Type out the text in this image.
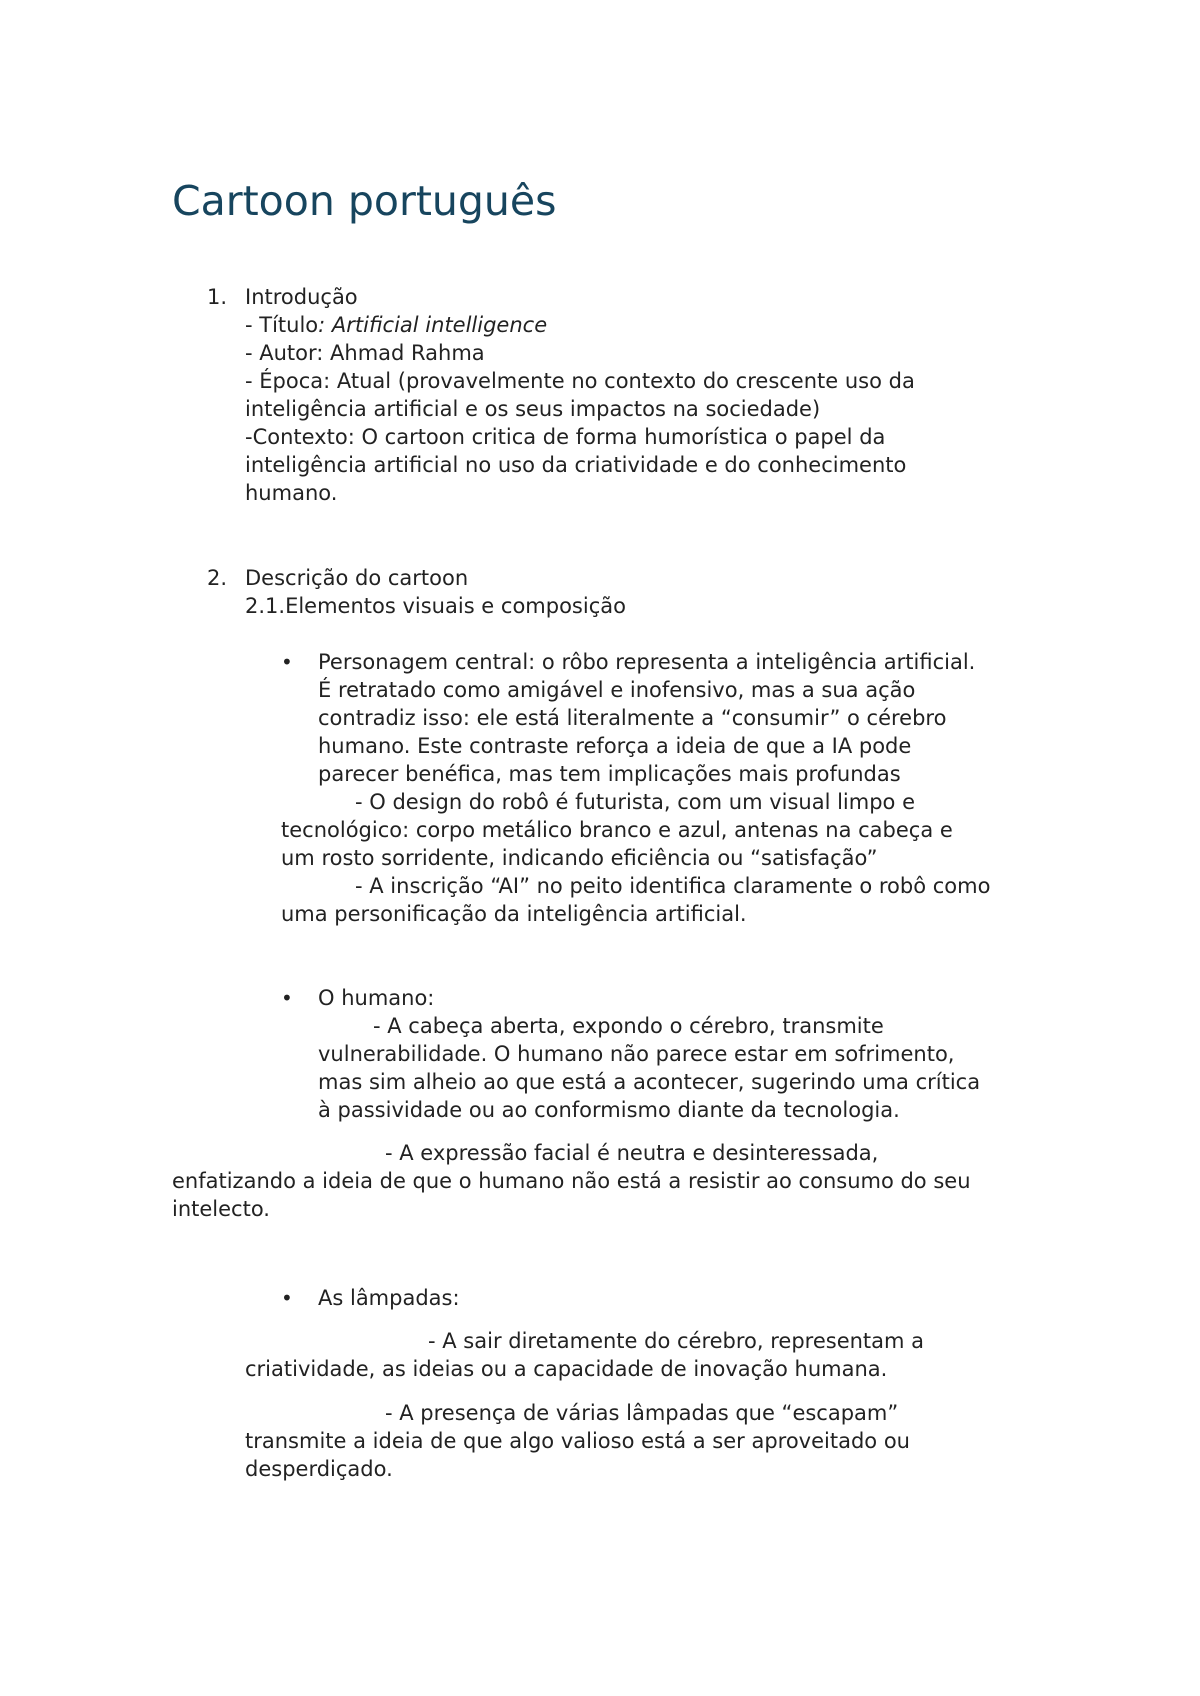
Cartoon português
1. Introdução

- Título: Artificial intelligence

- Autor: Ahmad Rahma

- Época: Atual (provavelmente no contexto do crescente uso da

inteligência artificial e os seus impactos na sociedade)

-Contexto: O cartoon critica de forma humorística o papel da

inteligência artificial no uso da criatividade e do conhecimento

humano.

2. Descrição do cartoon

2.1.Elementos visuais e composição

• Personagem central: o rôbo representa a inteligência artificial.

É retratado como amigável e inofensivo, mas a sua ação

contradiz isso: ele está literalmente a “consumir” o cérebro

humano. Este contraste reforça a ideia de que a IA pode

parecer benéfica, mas tem implicações mais profundas

- O design do robô é futurista, com um visual limpo e

tecnológico: corpo metálico branco e azul, antenas na cabeça e

um rosto sorridente, indicando eficiência ou “satisfação”

- A inscrição “AI” no peito identifica claramente o robô como

uma personificação da inteligência artificial.

• O humano:

- A cabeça aberta, expondo o cérebro, transmite

vulnerabilidade. O humano não parece estar em sofrimento,

mas sim alheio ao que está a acontecer, sugerindo uma crítica

à passividade ou ao conformismo diante da tecnologia.

- A expressão facial é neutra e desinteressada,

enfatizando a ideia de que o humano não está a resistir ao consumo do seu

intelecto.

• As lâmpadas:

- A sair diretamente do cérebro, representam a

criatividade, as ideias ou a capacidade de inovação humana.

- A presença de várias lâmpadas que “escapam”

transmite a ideia de que algo valioso está a ser aproveitado ou

desperdiçado.
